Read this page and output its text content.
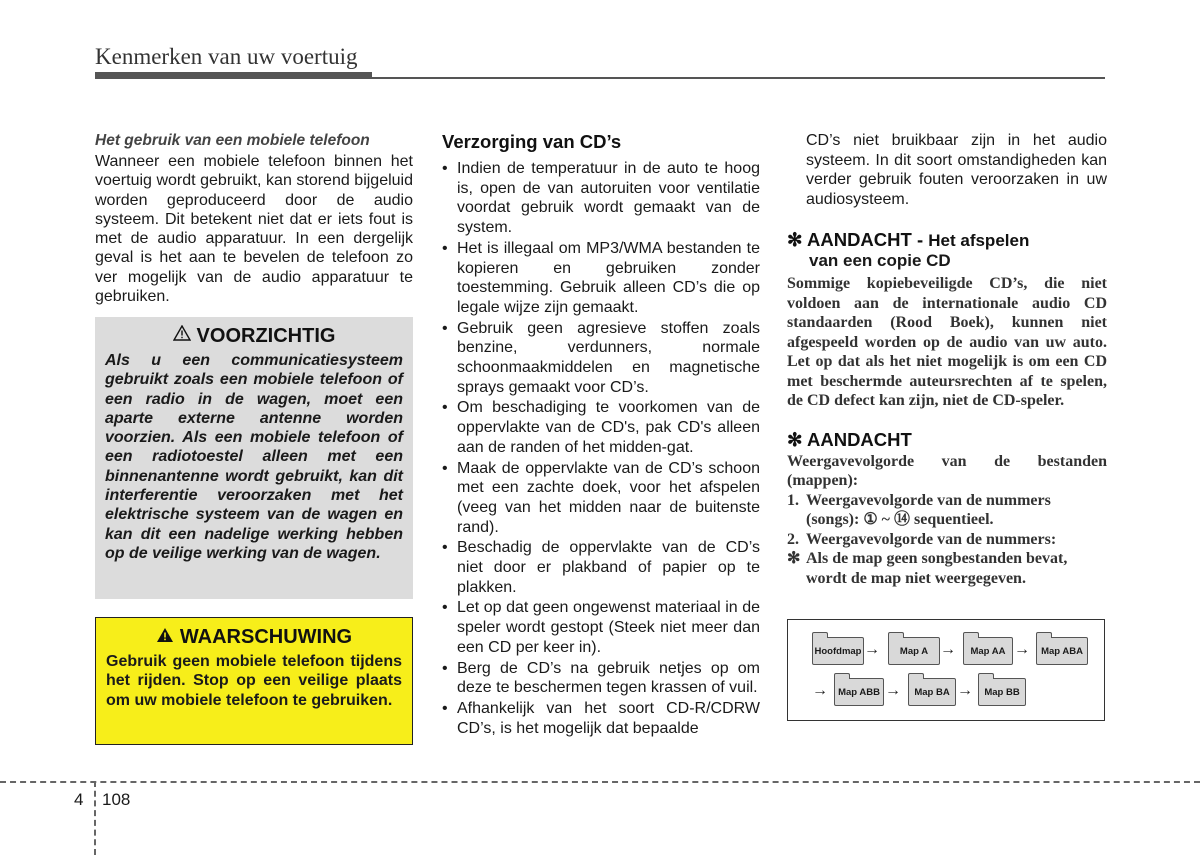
Kenmerken van uw voertuig

Het gebruik van een mobiele telefoon

Wanneer een mobiele telefoon binnen het voertuig wordt gebruikt, kan storend bijgeluid worden geproduceerd door de audio systeem. Dit betekent niet dat er iets fout is met de audio apparatuur. In een dergelijk geval is het aan te bevelen de telefoon zo ver mogelijk van de audio apparatuur te gebruiken.

VOORZICHTIG

Als u een communicatiesysteem gebruikt zoals een mobiele telefoon of een radio in de wagen, moet een aparte externe antenne worden voorzien. Als een mobiele telefoon of een radiotoestel alleen met een binnenantenne wordt gebruikt, kan dit interferentie veroorzaken met het elektrische systeem van de wagen en kan dit een nadelige werking hebben op de veilige werking van de wagen.

WAARSCHUWING

Gebruik geen mobiele telefoon tijdens het rijden. Stop op een veilige plaats om uw mobiele telefoon te gebruiken.

Verzorging van CD’s
• Indien de temperatuur in de auto te hoog is, open de van autoruiten voor ventilatie voordat gebruik wordt gemaakt van de system.
• Het is illegaal om MP3/WMA bestanden te kopieren en gebruiken zonder toestemming. Gebruik alleen CD’s die op legale wijze zijn gemaakt.
• Gebruik geen agresieve stoffen zoals benzine, verdunners, normale schoonmaakmiddelen en magnetische sprays gemaakt voor CD’s.
• Om beschadiging te voorkomen van de oppervlakte van de CD's, pak CD's alleen aan de randen of het midden-gat.
• Maak de oppervlakte van de CD’s schoon met een zachte doek, voor het afspelen (veeg van het midden naar de buitenste rand).
• Beschadig de oppervlakte van de CD’s niet door er plakband of papier op te plakken.
• Let op dat geen ongewenst materiaal in de speler wordt gestopt (Steek niet meer dan een CD per keer in).
• Berg de CD’s na gebruik netjes op om deze te beschermen tegen krassen of vuil.
• Afhankelijk van het soort CD-R/CDRW CD’s, is het mogelijk dat bepaalde

CD’s niet bruikbaar zijn in het audio systeem. In dit soort omstandigheden kan verder gebruik fouten veroorzaken in uw audiosysteem.

✻ AANDACHT - Het afspelen
van een copie CD

Sommige kopiebeveiligde CD’s, die niet voldoen aan de internationale audio CD standaarden (Rood Boek), kunnen niet afgespeeld worden op de audio van uw auto. Let op dat als het niet mogelijk is om een CD met beschermde auteursrechten af te spelen, de CD defect kan zijn, niet de CD-speler.

✻ AANDACHT

Weergavevolgorde van de bestanden (mappen):

1. Weergavevolgorde van de nummers (songs): ① ~ ⑭ sequentieel.
2. Weergavevolgorde van de nummers:
✻ Als de map geen songbestanden bevat, wordt de map niet weergegeven.
Hoofdmap →	Map A →	Map AA →	Map ABA
→	Map ABB →	Map BA →	Map BB
4 108
